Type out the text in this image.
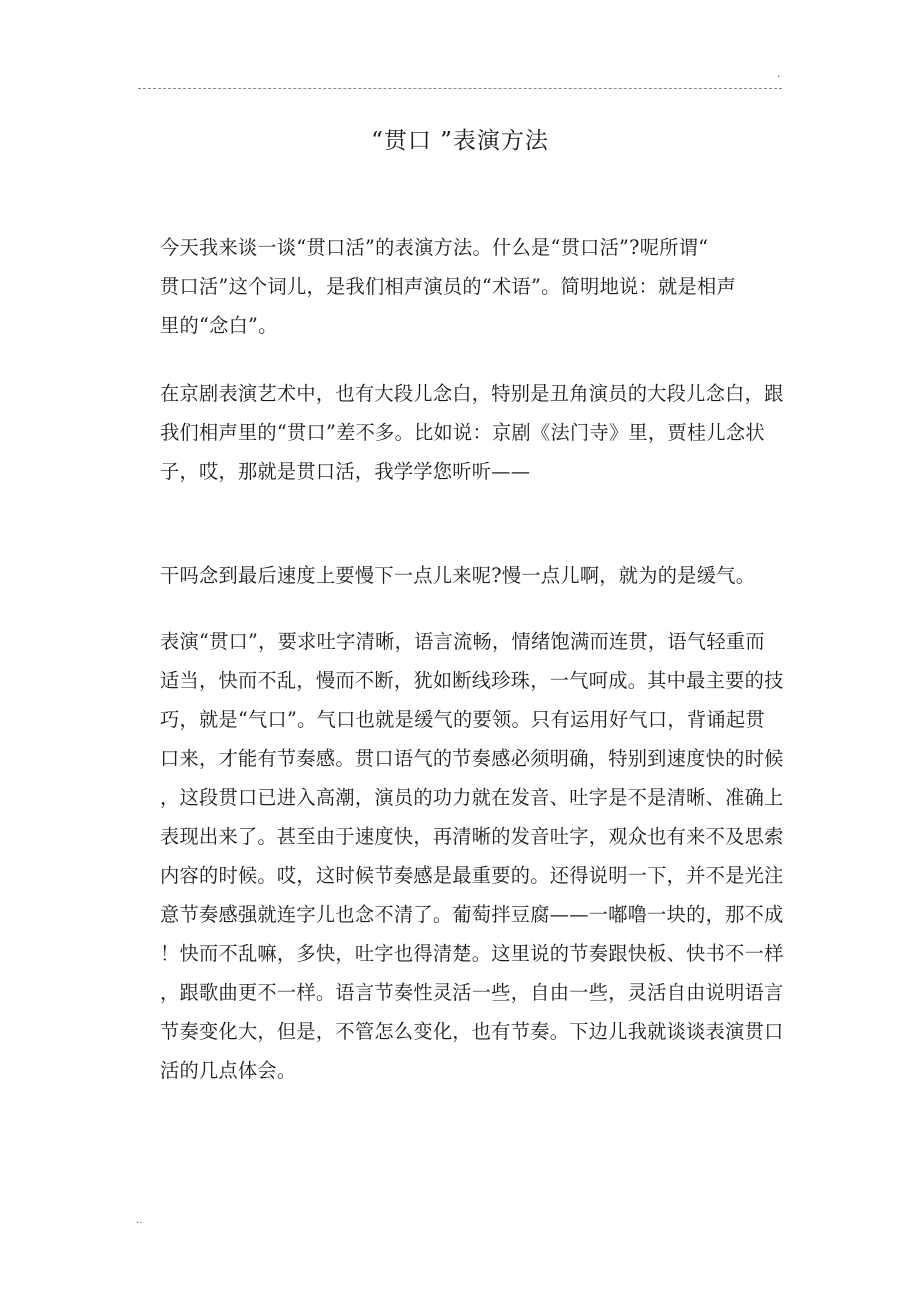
.
“贯口 ”表演方法
今天我来谈一谈“贯口活”的表演方法。什么是“贯口活”?呢所谓“
贯口活”这个词儿，是我们相声演员的“术语”。简明地说：就是相声
里的“念白”。
在京剧表演艺术中，也有大段儿念白，特别是丑角演员的大段儿念白，跟
我们相声里的“贯口”差不多。比如说：京剧《法门寺》里，贾桂儿念状
子，哎，那就是贯口活，我学学您听听——
干吗念到最后速度上要慢下一点儿来呢?慢一点儿啊，就为的是缓气。
表演“贯口”，要求吐字清晰，语言流畅，情绪饱满而连贯，语气轻重而
适当，快而不乱，慢而不断，犹如断线珍珠，一气呵成。其中最主要的技
巧，就是“气口”。气口也就是缓气的要领。只有运用好气口，背诵起贯
口来，才能有节奏感。贯口语气的节奏感必须明确，特别到速度快的时候
，这段贯口已进入高潮，演员的功力就在发音、吐字是不是清晰、准确上
表现出来了。甚至由于速度快，再清晰的发音吐字，观众也有来不及思索
内容的时候。哎，这时候节奏感是最重要的。还得说明一下，并不是光注
意节奏感强就连字儿也念不清了。葡萄拌豆腐——一嘟噜一块的，那不成
！快而不乱嘛，多快，吐字也得清楚。这里说的节奏跟快板、快书不一样
，跟歌曲更不一样。语言节奏性灵活一些，自由一些，灵活自由说明语言
节奏变化大，但是，不管怎么变化，也有节奏。下边儿我就谈谈表演贯口
活的几点体会。
..
